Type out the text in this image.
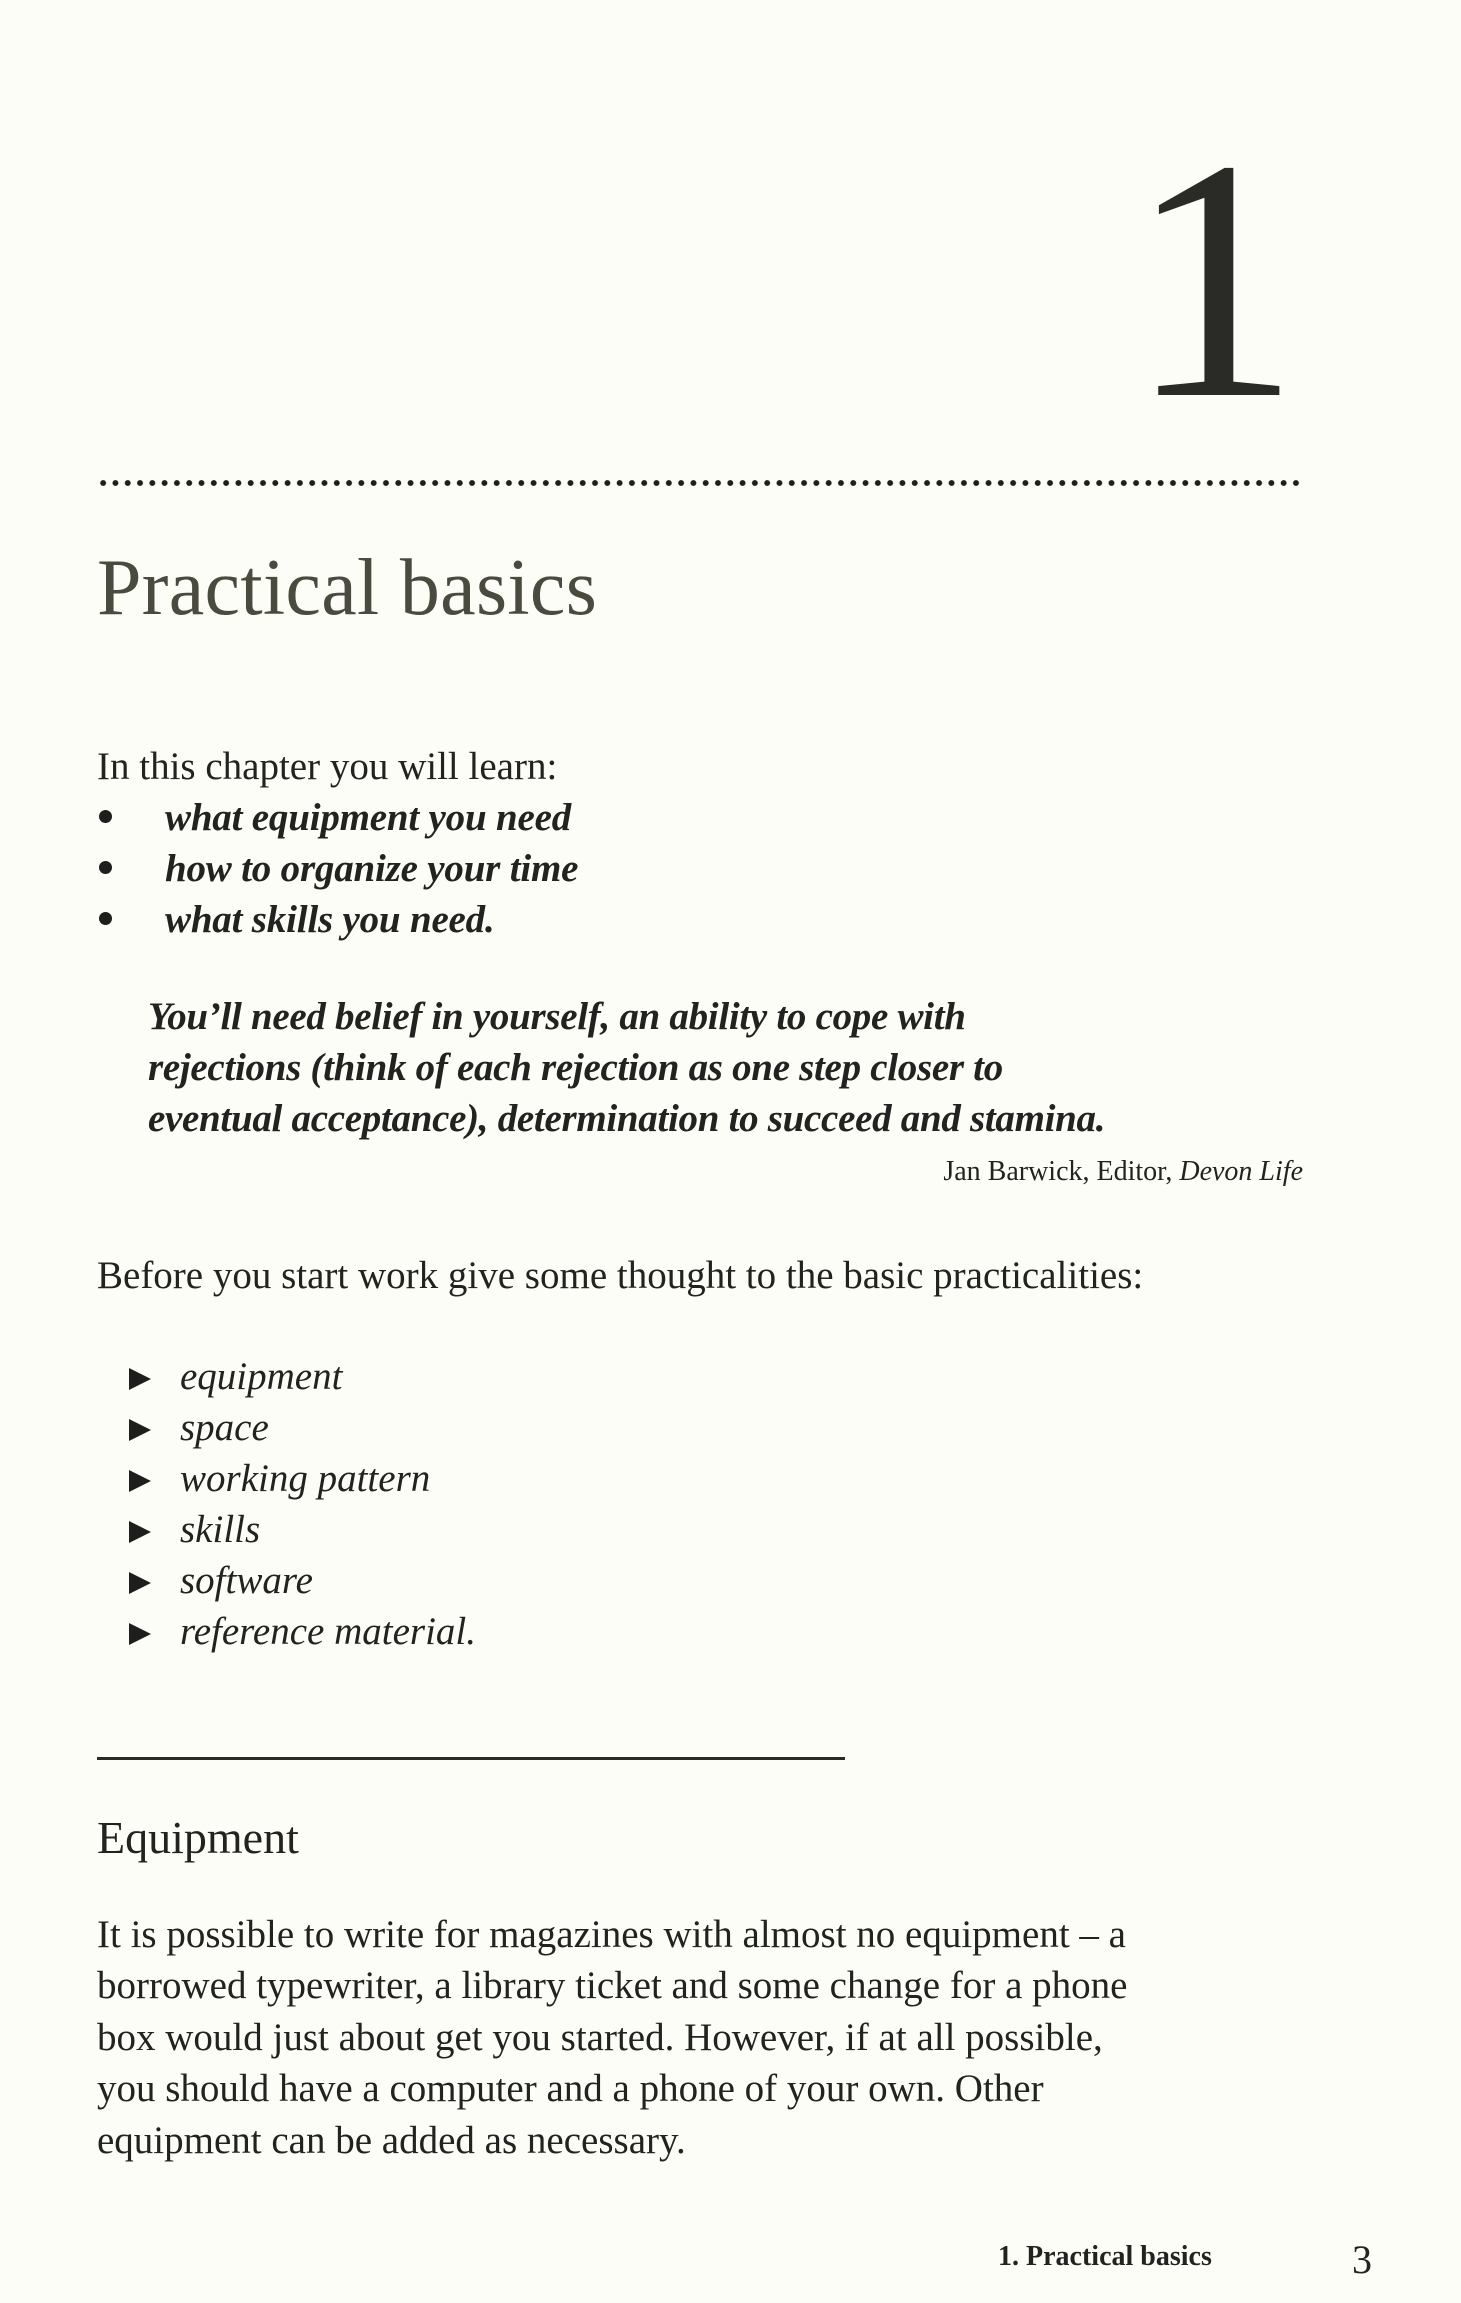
1
Practical basics
In this chapter you will learn:
what equipment you need
how to organize your time
what skills you need.
You’ll need belief in yourself, an ability to cope with
rejections (think of each rejection as one step closer to
eventual acceptance), determination to succeed and stamina.
Jan Barwick, Editor, Devon Life
Before you start work give some thought to the basic practicalities:
equipment
space
working pattern
skills
software
reference material.
Equipment
It is possible to write for magazines with almost no equipment – a
borrowed typewriter, a library ticket and some change for a phone
box would just about get you started. However, if at all possible,
you should have a computer and a phone of your own. Other
equipment can be added as necessary.
1. Practical basics	3
